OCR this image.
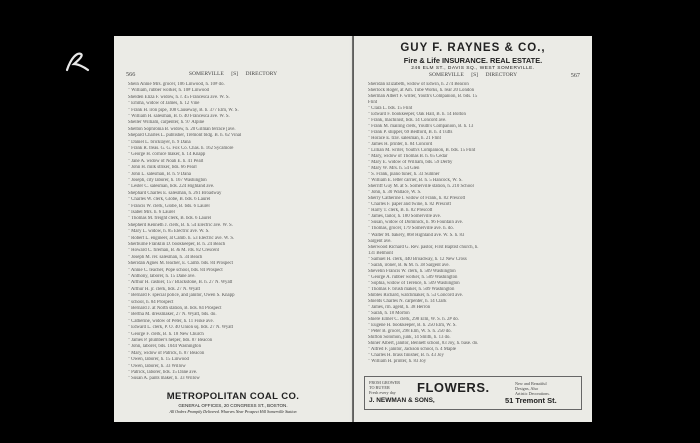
566	SOMERVILLE [S] DIRECTORY
Shein Annie Mrs. grocer, 106 Linwood, h. 10# do.
" William, rubber worker, h. 10# Linwood
Shelden Eliza F. widow, h. r. 45 Francesca ave. W. S.
" Emma, widow of James, h. 12 Vine
" Frank H. iron pipe, 108 Causeway, B. b. 377 Elm, W. S.
" William H. salesman, B. b. 40 Francesca ave. W. S.
Sheller William, carpenter, h. 97 Alpine
Shelton Sophronia B. widow, h. 20 Gilman terrace [ave.
Shepard Charles L. publisher, Tremont bldg. B. h. 62 Vinal
" Daniel L. bricklayer, h. 9 Dana
" Frank R. treas. G. G. Fox Co. Chas. h. 162 Sycamore
" George H. cornice maker, h. 14 Knapp
" Jane A. widow of Noah E. h. 41 Pearl
" John H. milk striker, bds. 66 Pearl
" John L. salesman, B. h. 9 Dana
" Joseph, city laborer, h. 167 Washington
" Lester C. salesman, bds. 224 Highland ave.
Shephard Charles E. salesman, h. 261 Broadway
" Charles W. clerk, Globe, B. bds. 6 Laurel
" Francis W. clerk, Globe, B. bds. 6 Laurel
" Isabel Mrs. h. 6 Laurel
" Thomas M. freight clerk, B. bds. 6 Laurel
Shepherd Kenneth J. clerk, B. h. 54 Electric ave. W. S.
" Mary L. widow, h. 85 Electric ave. W. S.
" Robert L. engineer, at Camb. h. 53 Electric ave. W. S.
Sherburne Franklin D. bookkeeper, B. h. 24 Beach
" Howard C. fireman, B. & M. rds. 82 Crescent
" Joseph M. rer. salesman, h. 34 Beach
Sheridan Agnes M. teacher, E. Camb. bds. 84 Prospect
" Annie C. teacher, Pope school, bds. 84 Prospect
" Anthony, laborer, h. 15 Dane ave.
" Arthur H. cashier, 157 Blackstone, B. h. 27 N. Wyatt
" Arthur H. jr. clerk, bds. 27 N. Wyatt
" Bernard F. special police, and janitor, Owen S. Knapp
" school, h. 84 Prospect
" Bernard J. at North station, B. bds. 84 Prospect
" Bertha M. dressmaker, 27 N. Wyatt, bds. do.
" Catherine, widow of Peter, h. 11 Fiske ave.
" Edward L. clerk, P. O. 40 Union sq. bds. 27 N. Wyatt
" George F. clerk, B. h. 18 New Church
" James P. plumber's helper, bds. 87 Beacon
" John, laborer, bds. 1044 Washington
" Mary, widow of Patrick, h. 87 Beacon
" Owen, laborer, h. 15 Linwood
" Owen, laborer, h. 33 Willow
" Patrick, laborer, bds. 15 Dane ave.
" Susan A. pants maker, h. 33 Willow
METROPOLITAN COAL CO.
GENERAL OFFICES, 20 CONGRESS ST., BOSTON.
All Orders Promptly Delivered. Wharves Near Prospect Hill Somerville Station
GUY F. RAYNES & CO.,
Fire & Life INSURANCE. REAL ESTATE.
246 ELM ST., DAVIS SQ., WEST SOMERVILLE.
567
SOMERVILLE [S] DIRECTORY
Sheridan Elizabeth, widow of Edwin, h. 274 Beacon
Sherlock Roger, at Am. Tube Works, h. rear 20 London
Sherman Albert F. writer, Youth's Companion, B. bds. 15
Flint
" Clara L. bds. 15 Flint
" Edward F. bookkeeper, Oak Hall, B. h. 14 Bolton
" Frank, machinist, bds. 14 Concord ave.
" Frank M. mailing clerk, Youth's Companion, B. h. 13
" Frank P. shipper, 69 Bedford, B. h. 4 Tufts
" Horace E. trav. salesman, h. 21 Flint
" James H. printer, h. 84 Concord
" Lillian M. writer, Youth's Companion, B. bds. 15 Flint
" Mary, widow of Thomas B. h. 65 Cedar
" Mary E. widow of William, bds. 59 Derby
" Mary W. Mrs. h. 54 Glen
" S. Frank, piano tuner, h. 33 Sumner
" William E. letter carrier, B. h. 5 Hancock, W. S.
Sherriff Guy M. at S. Somerville station, h. 210 School
" John, h. 30 Wallace, W. S.
Sherry Catherine I. widow of Frank, h. 82 Prescott
" Charles F. paper and twine, h. 82 Prescott
" Harry T. clerk, B. h. 82 Prescott
" James, tailor, h. 180 Somerville ave.
" Susan, widow of Dominick, h. 96 Fountain ave.
" Thomas, grocer, 179 Somerville ave. h. do.
" Walter M. bakery, 868 Highland ave. W. S. h. 83
Sargent ave.
Sherwood Richard G. Rev. pastor, First Baptist church, h.
131 Belmont
" Samuel H. clerk, 440 Broadway, h. 12 New Cross
" Sarah, ironer, B. & M. h. 38 Sargent ave.
Shevelin Francis W. clerk, h. 509 Washington
" George A. rubber worker, h. 509 Washington
" Sophia, widow of Terence, h. 509 Washington
" Thomas F. brush maker, h. 509 Washington
Shibles Richard, watchmaker, h. 53 Concord ave.
Shields Charles N. carpenter, h. 14 Clark
" James, rm. agent, h. 38 Herron
" Sarah, h. 18 Morton
Shiere Elmer C. clerk, 298 Elm, W. S. h. 2# do.
" Eugene H. bookkeeper, B. h. 250 Elm, W. S.
" Peter B. grocer, 298 Elm, W. S. h. 250 do.
Shifton Solomon, junk, 14 Smith, h. 13 do.
Shiner Albert, janitor, Bennett school, 83 Joy, h. base. do.
" Alfred F. janitor, Jackson school, h. 4 Maple
" Charles H. brass finisher, B. h. 43 Joy
" William H. printer, h. 83 Joy
FROM GROWER
TO BUYER
Fresh every day	FLOWERS.	New and Beautiful
Designs, Also
Artistic Decorations.
J. NEWMAN & SONS,	51 Tremont St.
